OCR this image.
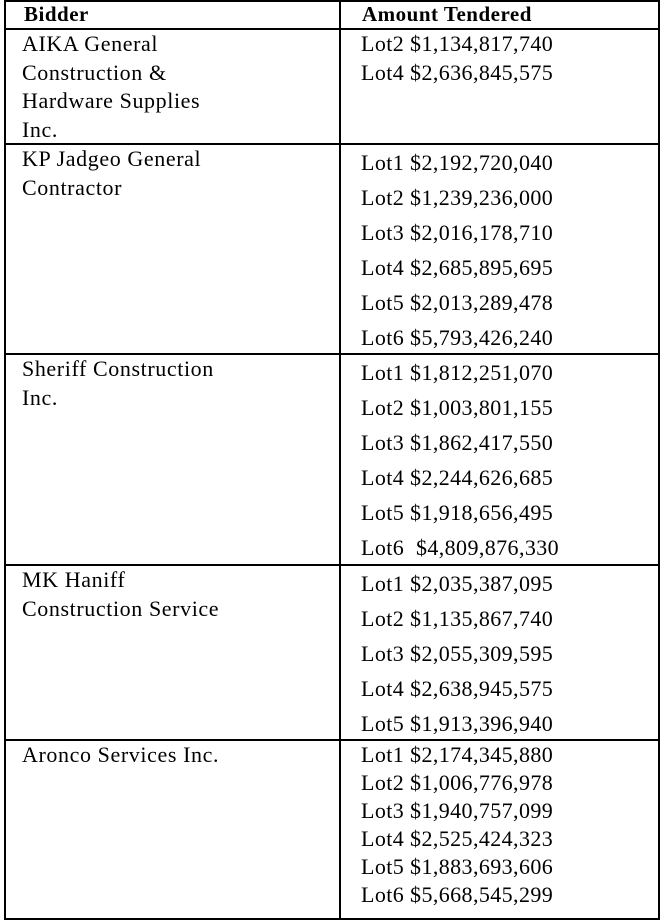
Bidder	Amount Tendered
AIKA General
Construction &
Hardware Supplies
Inc.
Lot2 $1,134,817,740
Lot4 $2,636,845,575
KP Jadgeo General
Contractor
Lot1 $2,192,720,040
Lot2 $1,239,236,000
Lot3 $2,016,178,710
Lot4 $2,685,895,695
Lot5 $2,013,289,478
Lot6 $5,793,426,240
Sheriff Construction
Inc.
Lot1 $1,812,251,070
Lot2 $1,003,801,155
Lot3 $1,862,417,550
Lot4 $2,244,626,685
Lot5 $1,918,656,495
Lot6  $4,809,876,330
MK Haniff
Construction Service
Lot1 $2,035,387,095
Lot2 $1,135,867,740
Lot3 $2,055,309,595
Lot4 $2,638,945,575
Lot5 $1,913,396,940
Aronco Services Inc.	Lot1 $2,174,345,880
Lot2 $1,006,776,978
Lot3 $1,940,757,099
Lot4 $2,525,424,323
Lot5 $1,883,693,606
Lot6 $5,668,545,299
